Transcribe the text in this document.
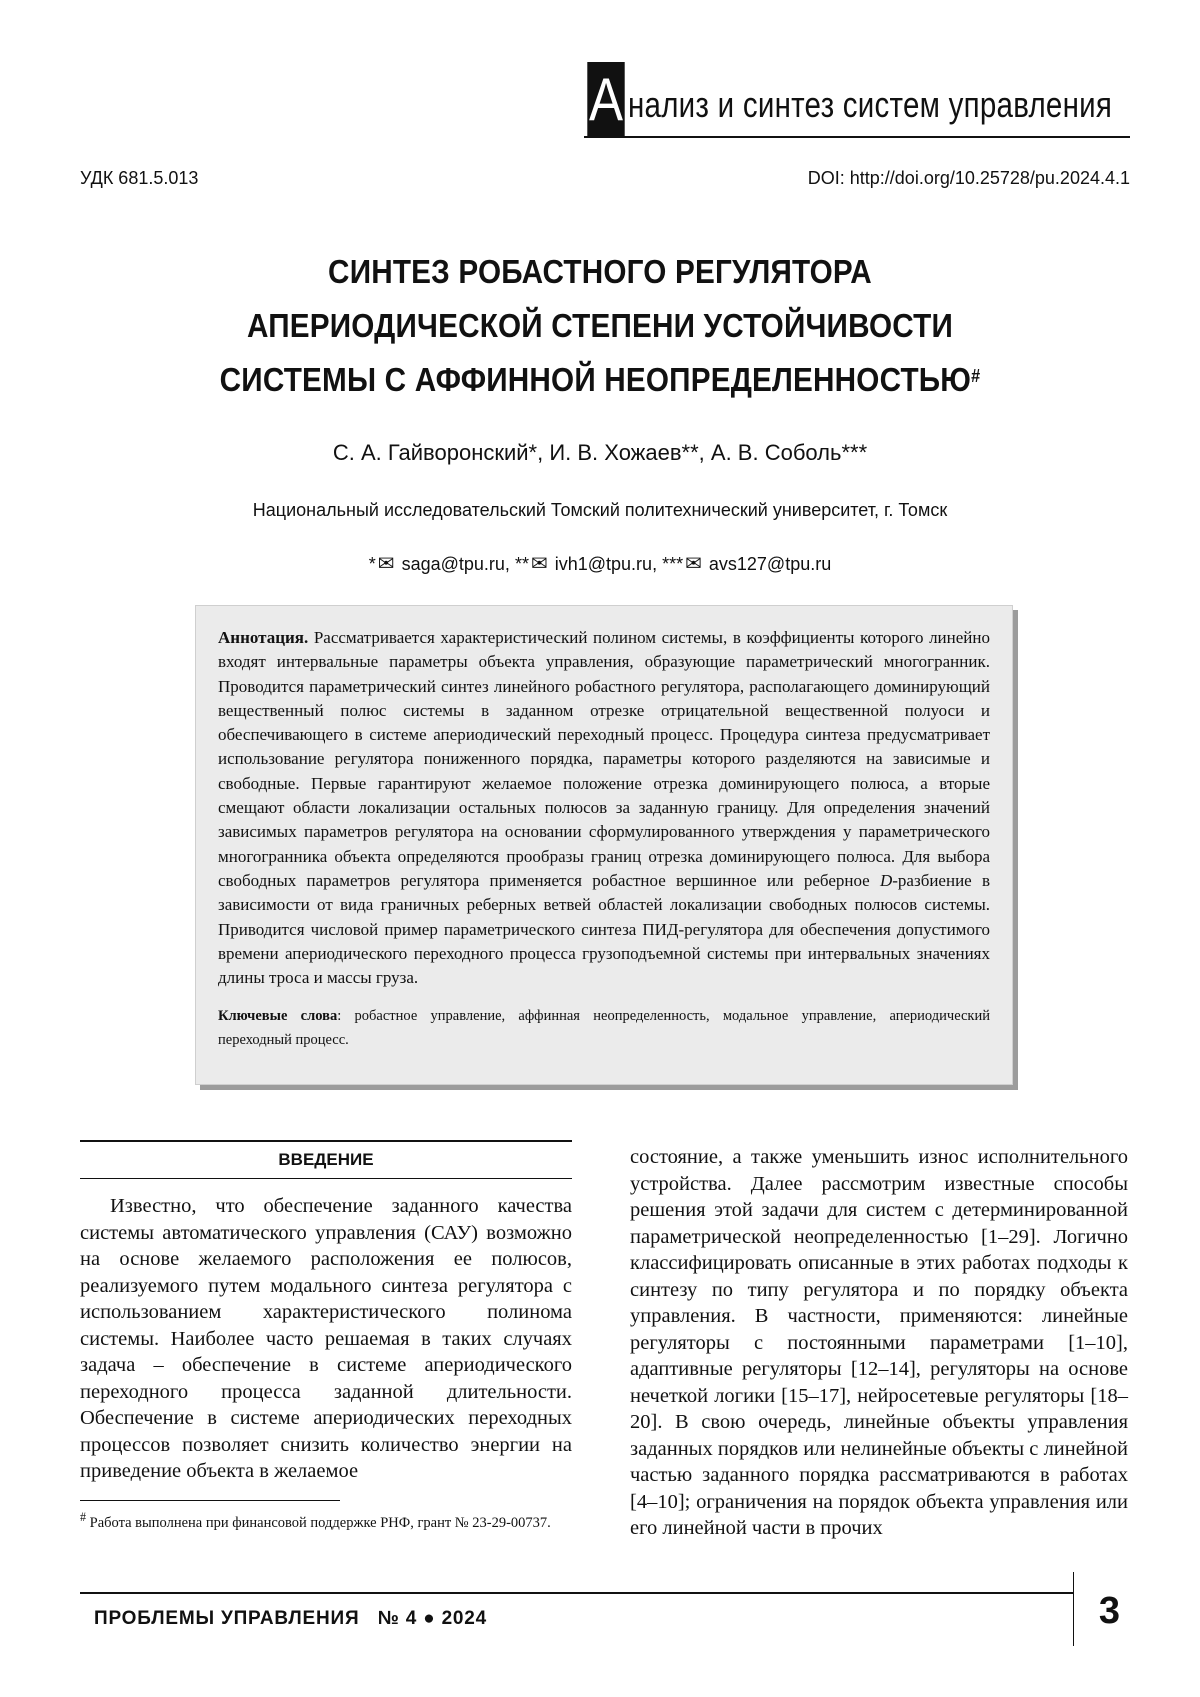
А нализ и синтез систем управления
УДК 681.5.013	DOI: http://doi.org/10.25728/pu.2024.4.1
СИНТЕЗ РОБАСТНОГО РЕГУЛЯТОРА
АПЕРИОДИЧЕСКОЙ СТЕПЕНИ УСТОЙЧИВОСТИ
СИСТЕМЫ С АФФИННОЙ НЕОПРЕДЕЛЕННОСТЬЮ#
С. А. Гайворонский*, И. В. Хожаев**, А. В. Соболь***
Национальный исследовательский Томский политехнический университет, г. Томск
* ✉ saga@tpu.ru, ** ✉ ivh1@tpu.ru, *** ✉ avs127@tpu.ru
Аннотация. Рассматривается характеристический полином системы, в коэффициенты которого линейно входят интервальные параметры объекта управления, образующие параметрический многогранник. Проводится параметрический синтез линейного робастного регулятора, располагающего доминирующий вещественный полюс системы в заданном отрезке отрицательной вещественной полуоси и обеспечивающего в системе апериодический переходный процесс. Процедура синтеза предусматривает использование регулятора пониженного порядка, параметры которого разделяются на зависимые и свободные. Первые гарантируют желаемое положение отрезка доминирующего полюса, а вторые смещают области локализации остальных полюсов за заданную границу. Для определения значений зависимых параметров регулятора на основании сформулированного утверждения у параметрического многогранника объекта определяются прообразы границ отрезка доминирующего полюса. Для выбора свободных параметров регулятора применяется робастное вершинное или реберное D-разбиение в зависимости от вида граничных реберных ветвей областей локализации свободных полюсов системы. Приводится числовой пример параметрического синтеза ПИД-регулятора для обеспечения допустимого времени апериодического переходного процесса грузоподъемной системы при интервальных значениях длины троса и массы груза.
Ключевые слова: робастное управление, аффинная неопределенность, модальное управление, апериодический переходный процесс.
ВВЕДЕНИЕ
Известно, что обеспечение заданного качества системы автоматического управления (САУ) возможно на основе желаемого расположения ее полюсов, реализуемого путем модального синтеза регулятора с использованием характеристического полинома системы. Наиболее часто решаемая в таких случаях задача – обеспечение в системе апериодического переходного процесса заданной длительности. Обеспечение в системе апериодических переходных процессов позволяет снизить количество энергии на приведение объекта в желаемое
состояние, а также уменьшить износ исполнительного устройства. Далее рассмотрим известные способы решения этой задачи для систем с детерминированной параметрической неопределенностью [1–29]. Логично классифицировать описанные в этих работах подходы к синтезу по типу регулятора и по порядку объекта управления. В частности, применяются: линейные регуляторы с постоянными параметрами [1–10], адаптивные регуляторы [12–14], регуляторы на основе нечеткой логики [15–17], нейросетевые регуляторы [18–20]. В свою очередь, линейные объекты управления заданных порядков или нелинейные объекты с линейной частью заданного порядка рассматриваются в работах [4–10]; ограничения на порядок объекта управления или его линейной части в прочих
# Работа выполнена при финансовой поддержке РНФ, грант № 23-29-00737.
ПРОБЛЕМЫ УПРАВЛЕНИЯ № 4 ● 2024	3
